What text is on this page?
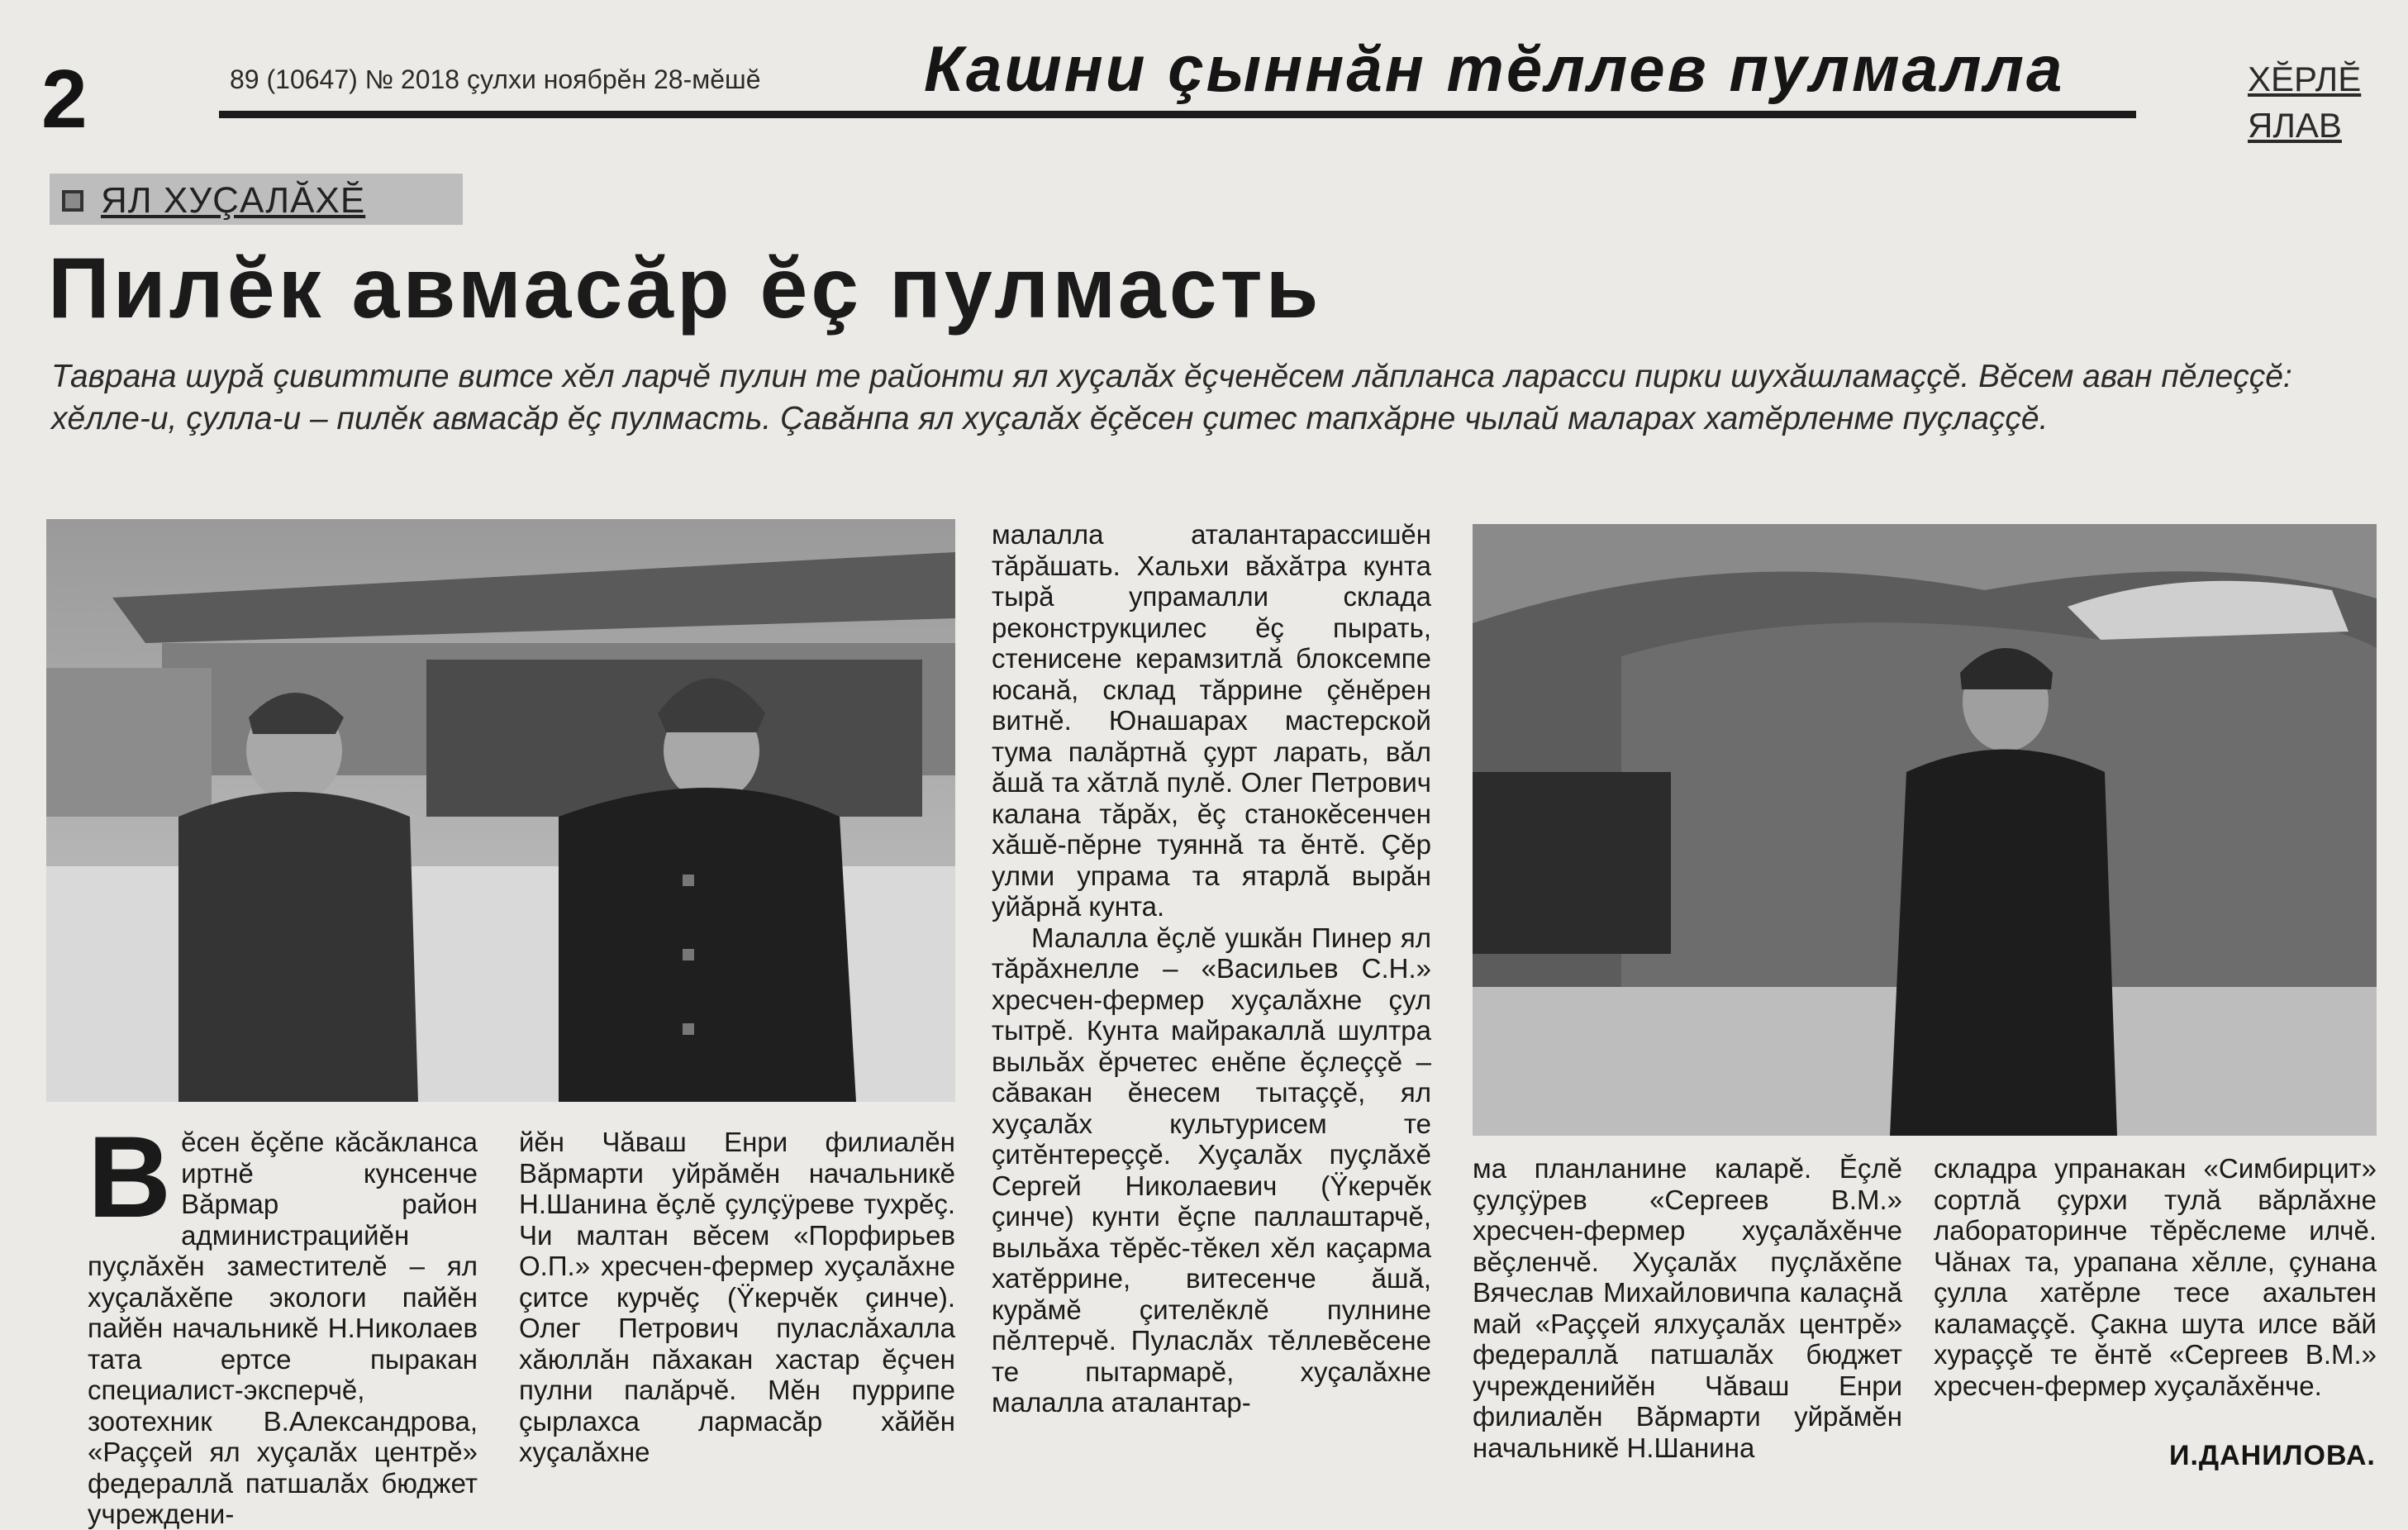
2	89 (10647) № 2018 çулхи ноябрĕн 28-мĕшĕ	Кашни çыннăн тĕллев пулмалла	ХĔРЛĔ
ЯЛАВ
ЯЛ ХУÇАЛĂХĔ
Пилĕк авмасăр ĕç пулмасть
Таврана шурă çивиттипе витсе хĕл ларчĕ пулин те районти ял хуçалăх ĕçченĕсем лăпланса ларасси пирки шухăшламаççĕ. Вĕсем аван пĕлеççĕ: хĕлле-и, çулла-и – пилĕк авмасăр ĕç пулмасть. Çавăнпа ял хуçалăх ĕçĕсен çитес тапхăрне чылай маларах хатĕрленме пуçлаççĕ.

Вĕсен ĕçĕпе кăсăкланса иртнĕ кунсенче Вăрмар район администрацийĕн пуçлăхĕн заместителĕ – ял хуçалăхĕпе экологи пайĕн пайĕн начальникĕ Н.Николаев тата ертсе пыракан специалист-эксперчĕ, зоотехник В.Александрова, «Раççей ял хуçалăх центрĕ» федераллă патшалăх бюджет учреждени-

йĕн Чăваш Енри филиалĕн Вăрмарти уйрăмĕн начальникĕ Н.Шанина ĕçлĕ çулçÿреве тухрĕç. Чи малтан вĕсем «Порфирьев О.П.» хресчен-фермер хуçалăхне çитсе курчĕç (Ÿкерчĕк çинче). Олег Петрович пуласлăхалла хăюллăн пăхакан хастар ĕçчен пулни палăрчĕ. Мĕн пуррипе çырлахса лармасăр хăйĕн хуçалăхне

малалла аталантарассишĕн тăрăшать. Хальхи вăхăтра кунта тырă упрамалли склада реконструкцилес ĕç пырать, стенисене керамзитлă блоксемпе юсанă, склад тăррине çĕнĕрен витнĕ. Юнашарах мастерской тума палăртнă çурт ларать, вăл ăшă та хăтлă пулĕ. Олег Петрович калана тăрăх, ĕç станокĕсенчен хăшĕ-пĕрне туяннă та ĕнтĕ. Çĕр улми упрама та ятарлă вырăн уйăрнă кунта.

Малалла ĕçлĕ ушкăн Пинер ял тăрăхнелле – «Васильев С.Н.» хресчен-фермер хуçалăхне çул тытрĕ. Кунта майракаллă шултра выльăх ĕрчетес енĕпе ĕçлеççĕ – сăвакан ĕнесем тытаççĕ, ял хуçалăх культурисем те çитĕнтереççĕ. Хуçалăх пуçлăхĕ Сергей Николаевич (Ÿкерчĕк çинче) кунти ĕçпе паллаштарчĕ, выльăха тĕрĕс-тĕкел хĕл каçарма хатĕррине, витесенче ăшă, курăмĕ çителĕклĕ пулнине пĕлтерчĕ. Пуласлăх тĕллевĕсене те пытармарĕ, хуçалăхне малалла аталантар-

ма планланине каларĕ. Ĕçлĕ çулçÿрев «Сергеев В.М.» хресчен-фермер хуçалăхĕнче вĕçленчĕ. Хуçалăх пуçлăхĕпе Вячеслав Михайловичпа калаçнă май «Раççей ялхуçалăх центрĕ» федераллă патшалăх бюджет учрежденийĕн Чăваш Енри филиалĕн Вăрмарти уйрăмĕн начальникĕ Н.Шанина

складра упранакан «Симбирцит» сортлă çурхи тулă вăрлăхне лабораторинче тĕрĕслеме илчĕ. Чăнах та, урапана хĕлле, çунана çулла хатĕрле тесе ахальтен каламаççĕ. Çакна шута илсе вăй хураççĕ те ĕнтĕ «Сергеев В.М.» хресчен-фермер хуçалăхĕнче.

И.ДАНИЛОВА.
